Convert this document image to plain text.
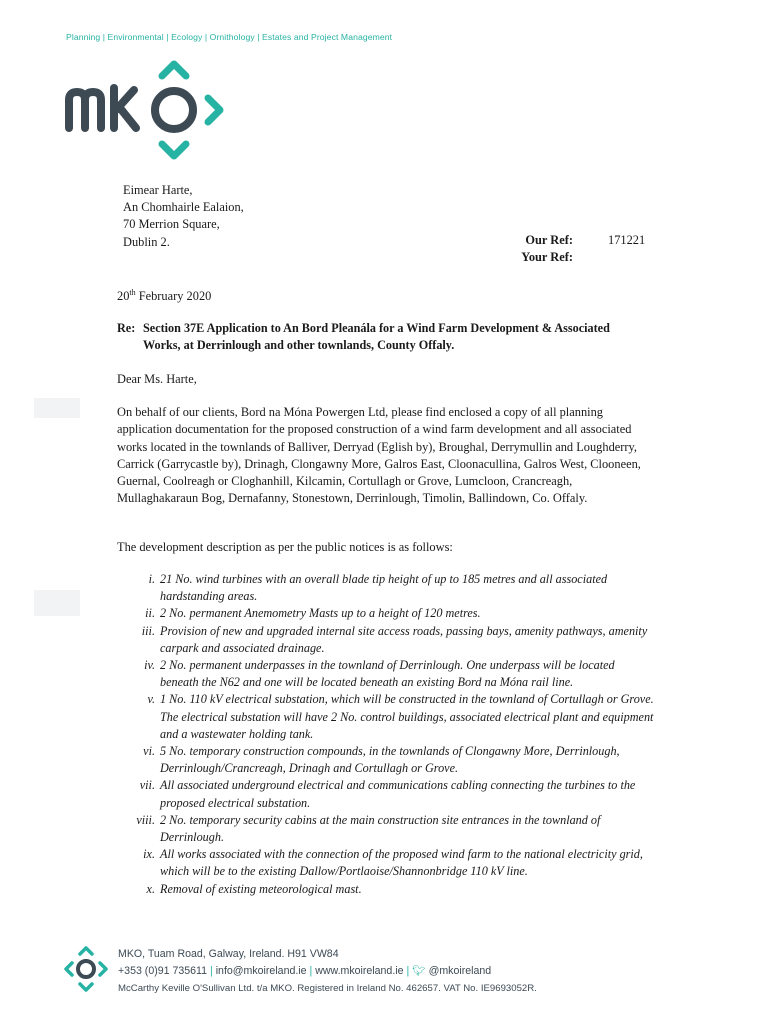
Planning | Environmental | Ecology | Ornithology | Estates and Project Management
Eimear Harte,
An Chomhairle Ealaion,
70 Merrion Square,
Dublin 2.	Our Ref:	171221
Your Ref:
20th February 2020
Re: Section 37E Application to An Bord Pleanála for a Wind Farm Development & Associated Works, at Derrinlough and other townlands, County Offaly.
Dear Ms. Harte,
On behalf of our clients, Bord na Móna Powergen Ltd, please find enclosed a copy of all planning application documentation for the proposed construction of a wind farm development and all associated works located in the townlands of Balliver, Derryad (Eglish by), Broughal, Derrymullin and Loughderry, Carrick (Garrycastle by), Drinagh, Clongawny More, Galros East, Cloonacullina, Galros West, Clooneen, Guernal, Coolreagh or Cloghanhill, Kilcamin, Cortullagh or Grove, Lumcloon, Crancreagh, Mullaghakaraun Bog, Dernafanny, Stonestown, Derrinlough, Timolin, Ballindown, Co. Offaly.
The development description as per the public notices is as follows:
i. 21 No. wind turbines with an overall blade tip height of up to 185 metres and all associated hardstanding areas.
ii. 2 No. permanent Anemometry Masts up to a height of 120 metres.
iii. Provision of new and upgraded internal site access roads, passing bays, amenity pathways, amenity carpark and associated drainage.
iv. 2 No. permanent underpasses in the townland of Derrinlough. One underpass will be located beneath the N62 and one will be located beneath an existing Bord na Móna rail line.
v. 1 No. 110 kV electrical substation, which will be constructed in the townland of Cortullagh or Grove. The electrical substation will have 2 No. control buildings, associated electrical plant and equipment and a wastewater holding tank.
vi. 5 No. temporary construction compounds, in the townlands of Clongawny More, Derrinlough, Derrinlough/Crancreagh, Drinagh and Cortullagh or Grove.
vii. All associated underground electrical and communications cabling connecting the turbines to the proposed electrical substation.
viii. 2 No. temporary security cabins at the main construction site entrances in the townland of Derrinlough.
ix. All works associated with the connection of the proposed wind farm to the national electricity grid, which will be to the existing Dallow/Portlaoise/Shannonbridge 110 kV line.
x. Removal of existing meteorological mast.
MKO, Tuam Road, Galway, Ireland. H91 VW84
+353 (0)91 735611 | info@mkoireland.ie | www.mkoireland.ie | 🐦︎ @mkoireland
McCarthy Keville O'Sullivan Ltd. t/a MKO. Registered in Ireland No. 462657. VAT No. IE9693052R.
